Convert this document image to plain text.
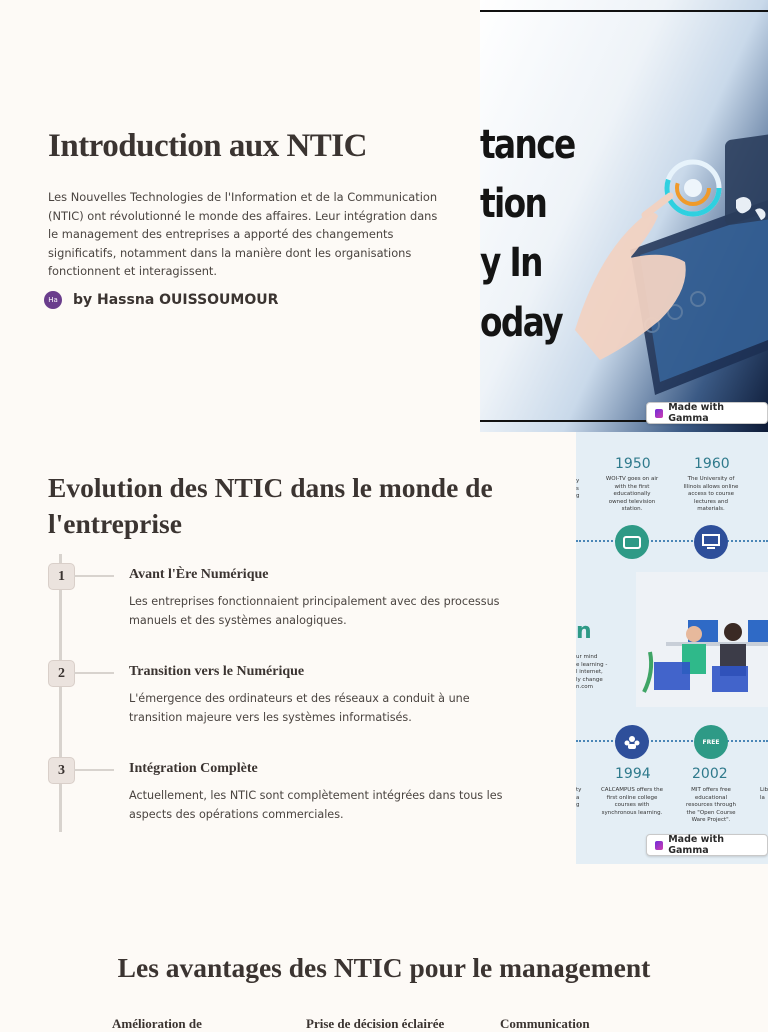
Introduction aux NTIC

Les Nouvelles Technologies de l'Information et de la Communication (NTIC) ont révolutionné le monde des affaires. Leur intégration dans le management des entreprises a apporté des changements significatifs, notamment dans la manière dont les organisations fonctionnent et interagissent.

Ha	by Hassna OUISSOUMOUR
tance
tion
y In
oday
Made with Gamma
Evolution des NTIC dans le monde de l'entreprise
1	Avant l'Ère Numérique

Les entreprises fonctionnaient principalement avec des processus manuels et des systèmes analogiques.

2	Transition vers le Numérique

L'émergence des ordinateurs et des réseaux a conduit à une transition majeure vers les systèmes informatisés.

3	Intégration Complète

Actuellement, les NTIC sont complètement intégrées dans tous les aspects des opérations commerciales.

y
s
g
1950
WOI-TV goes on air with the first educationally owned television station.
1960
The University of Illinois allows online access to course lectures and materials.
n
ur mind
e learning -
l internet,
ly change
n.com
FREE
ty
a
g
1994
CALCAMPUS offers the first online college courses with synchronous learning.
2002
MIT offers free educational resources through the "Open Course Ware Project".
Lib
la
Made with Gamma
Les avantages des NTIC pour le management
Amélioration de	Prise de décision éclairée	Communication
